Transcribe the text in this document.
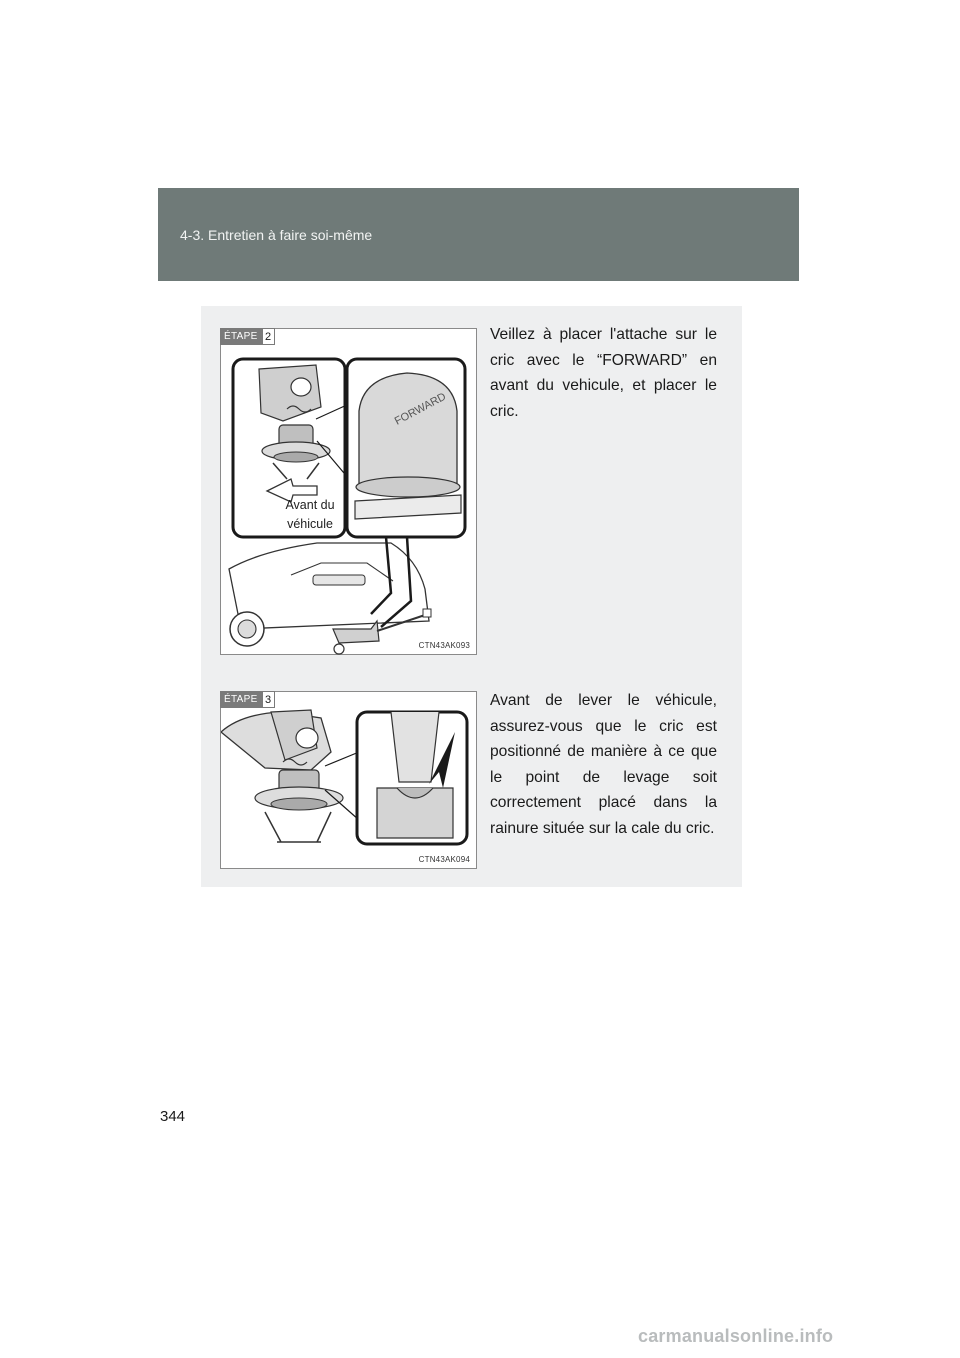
4-3. Entretien à faire soi-même
FORWARD
ÉTAPE 2
Avant du
véhicule
CTN43AK093
Veillez à placer l'attache sur le cric avec le “FORWARD” en avant du vehicule, et placer le cric.
ÉTAPE 3
CTN43AK094
Avant de lever le véhicule, assurez-vous que le cric est positionné de manière à ce que le point de levage soit correctement placé dans la rainure située sur la cale du cric.
344
carmanualsonline.info
